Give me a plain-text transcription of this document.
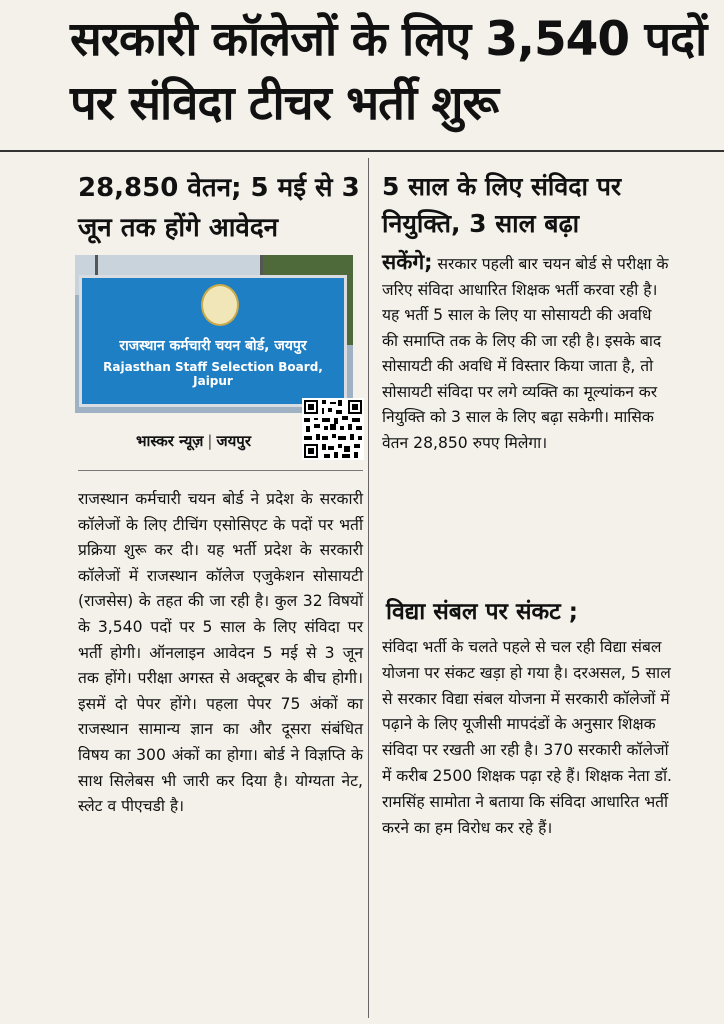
सरकारी कॉलेजों के लिए 3,540 पदों पर संविदा टीचर भर्ती शुरू
28,850 वेतन; 5 मई से 3 जून तक होंगे आवेदन
राजस्थान कर्मचारी चयन बोर्ड, जयपुर
Rajasthan Staff Selection Board, Jaipur
भास्कर न्यूज़ | जयपुर

राजस्थान कर्मचारी चयन बोर्ड ने प्रदेश के सरकारी कॉलेजों के लिए टीचिंग एसोसिएट के पदों पर भर्ती प्रक्रिया शुरू कर दी। यह भर्ती प्रदेश के सरकारी कॉलेजों में राजस्थान कॉलेज एजुकेशन सोसायटी (राजसेस) के तहत की जा रही है। कुल 32 विषयों के 3,540 पदों पर 5 साल के लिए संविदा पर भर्ती होगी। ऑनलाइन आवेदन 5 मई से 3 जून तक होंगे। परीक्षा अगस्त से अक्टूबर के बीच होगी। इसमें दो पेपर होंगे। पहला पेपर 75 अंकों का राजस्थान सामान्य ज्ञान का और दूसरा संबंधित विषय का 300 अंकों का होगा। बोर्ड ने विज्ञप्ति के साथ सिलेबस भी जारी कर दिया है। योग्यता नेट, स्लेट व पीएचडी है।

5 साल के लिए संविदा पर नियुक्ति, 3 साल बढ़ा

सकेंगे; सरकार पहली बार चयन बोर्ड से परीक्षा के जरिए संविदा आधारित शिक्षक भर्ती करवा रही है। यह भर्ती 5 साल के लिए या सोसायटी की अवधि की समाप्ति तक के लिए की जा रही है। इसके बाद सोसायटी की अवधि में विस्तार किया जाता है, तो सोसायटी संविदा पर लगे व्यक्ति का मूल्यांकन कर नियुक्ति को 3 साल के लिए बढ़ा सकेगी। मासिक वेतन 28,850 रुपए मिलेगा।

विद्या संबल पर संकट ;

संविदा भर्ती के चलते पहले से चल रही विद्या संबल योजना पर संकट खड़ा हो गया है। दरअसल, 5 साल से सरकार विद्या संबल योजना में सरकारी कॉलेजों में पढ़ाने के लिए यूजीसी मापदंडों के अनुसार शिक्षक संविदा पर रखती आ रही है। 370 सरकारी कॉलेजों में करीब 2500 शिक्षक पढ़ा रहे हैं। शिक्षक नेता डॉ. रामसिंह सामोता ने बताया कि संविदा आधारित भर्ती करने का हम विरोध कर रहे हैं।
